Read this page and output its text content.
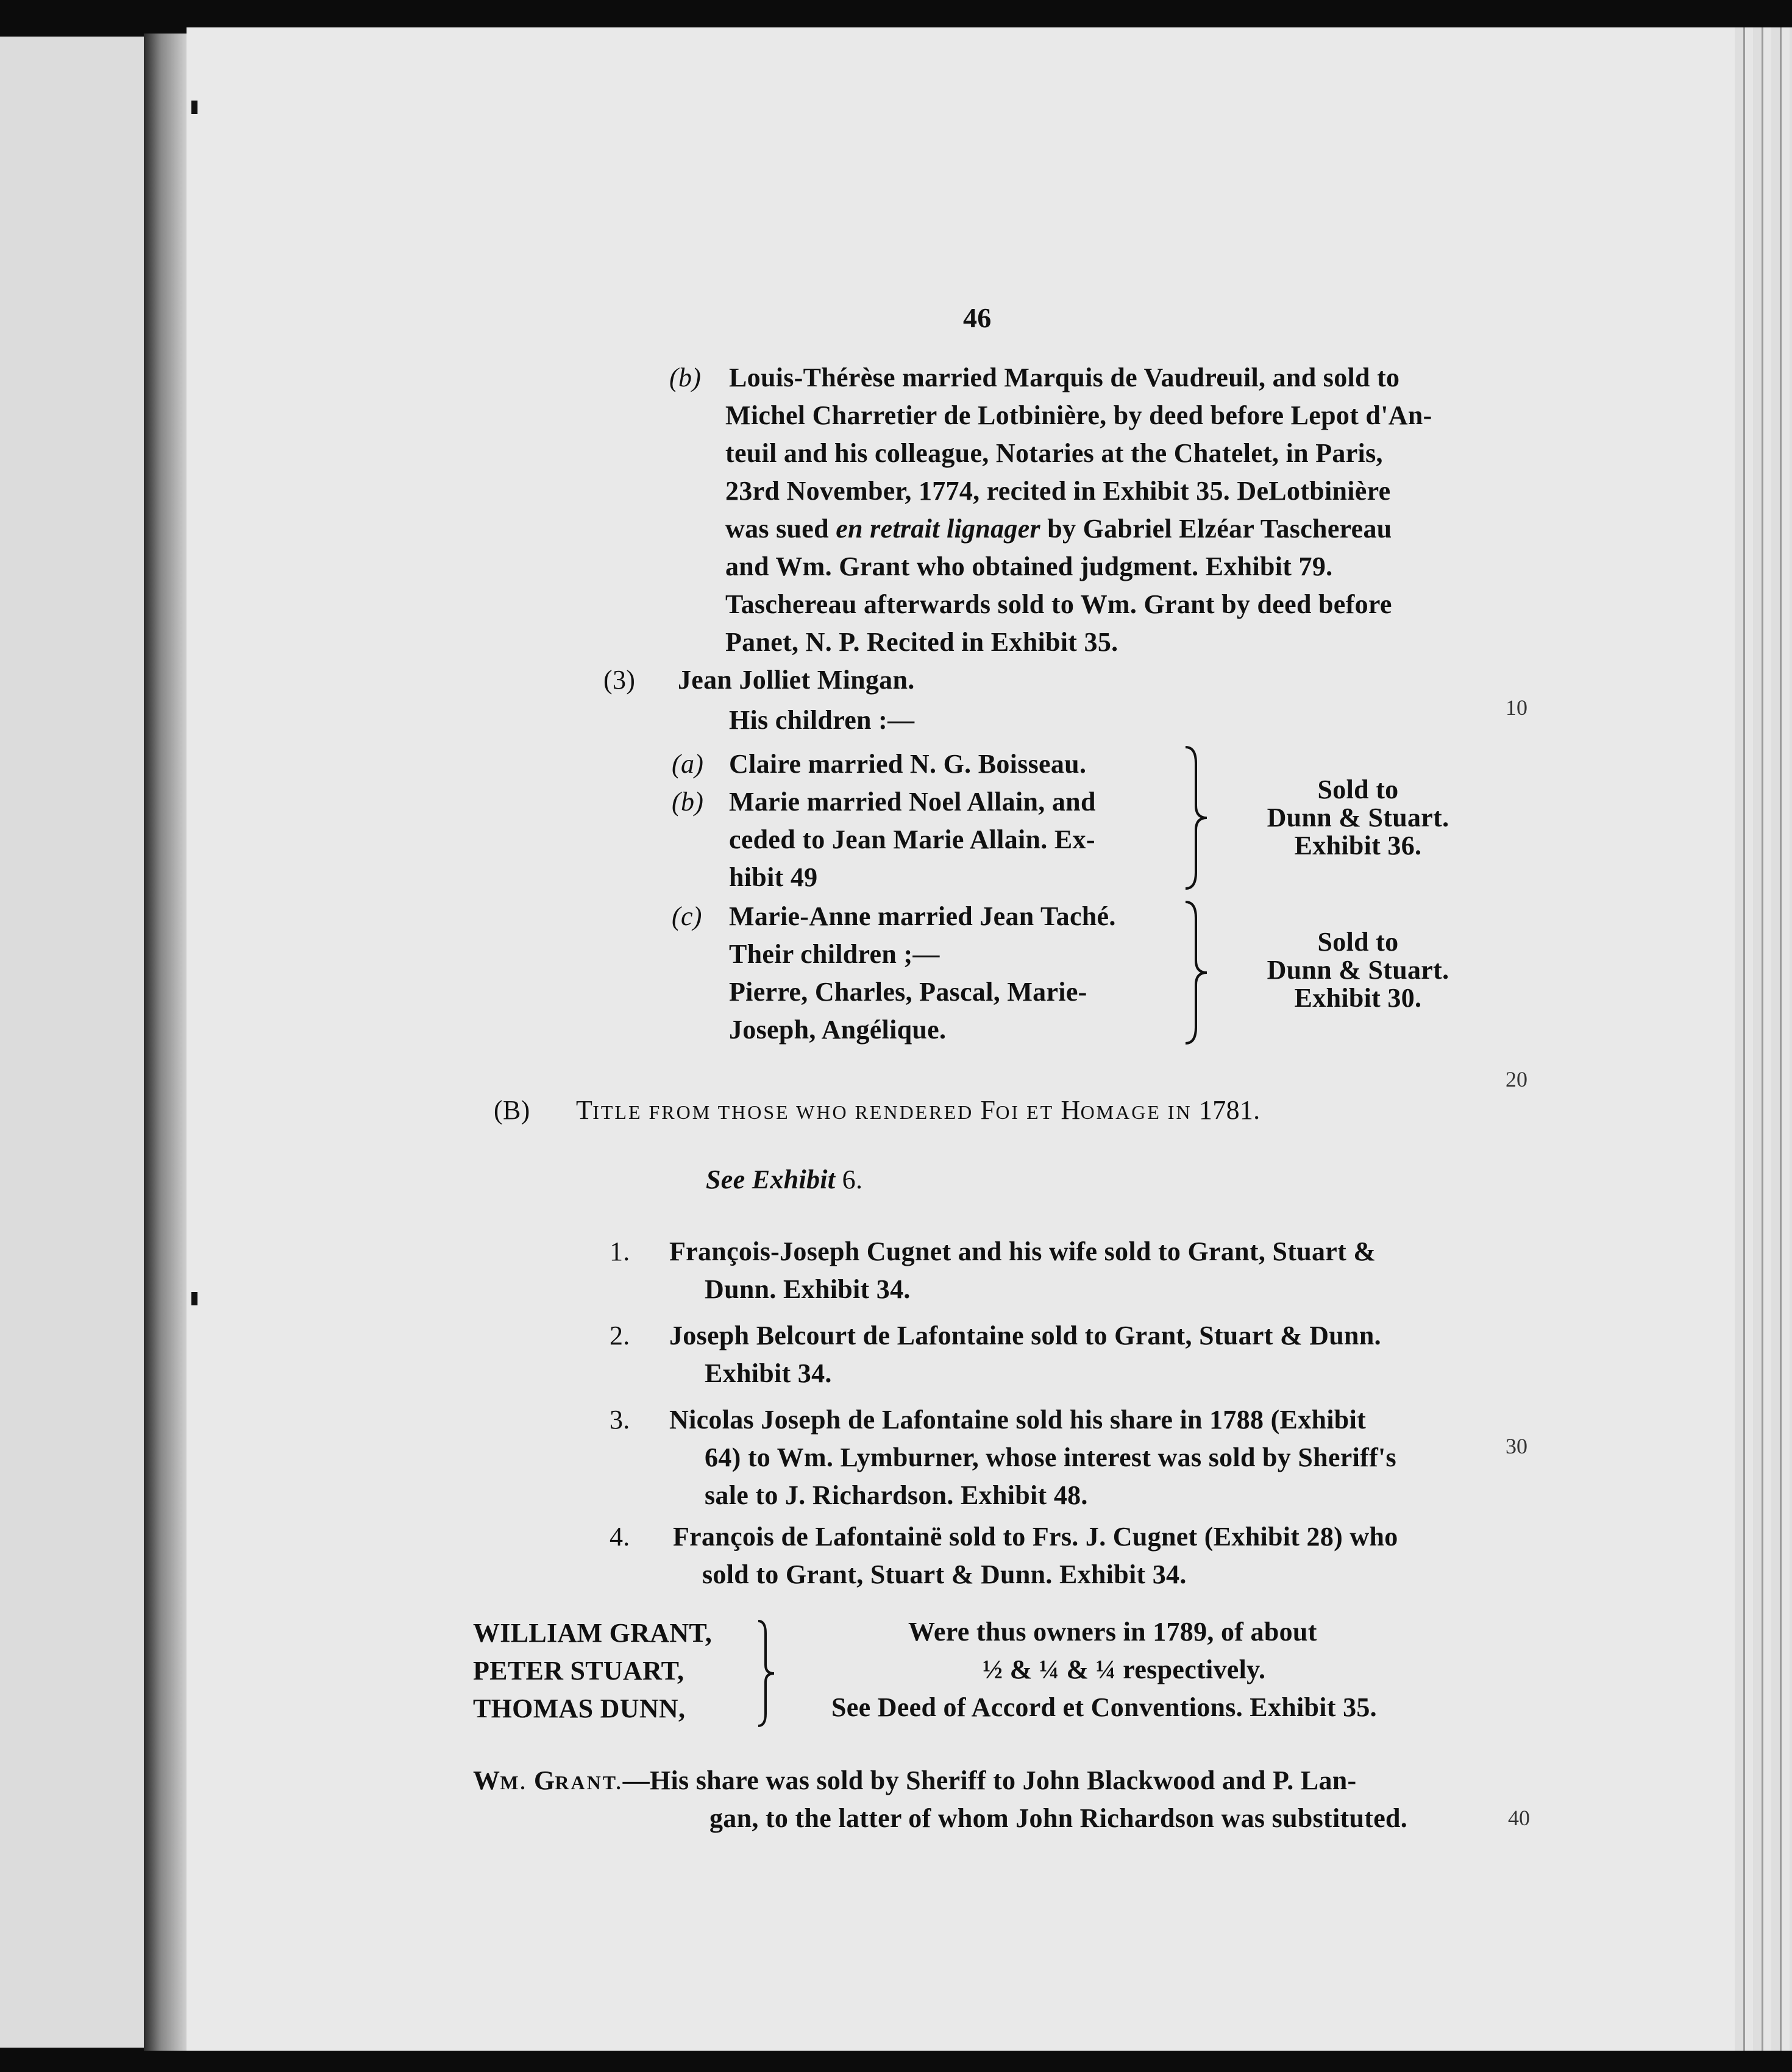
46
(b) Louis-Thérèse married Marquis de Vaudreuil, and sold to
Michel Charretier de Lotbinière, by deed before Lepot d'An-
teuil and his colleague, Notaries at the Chatelet, in Paris,
23rd November, 1774, recited in Exhibit 35. DeLotbinière
was sued en retrait lignager by Gabriel Elzéar Taschereau
and Wm. Grant who obtained judgment. Exhibit 79.
Taschereau afterwards sold to Wm. Grant by deed before
Panet, N. P. Recited in Exhibit 35.
(3) Jean Jolliet Mingan.
His children :—	10
(a) Claire married N. G. Boisseau.
(b) Marie married Noel Allain, and
ceded to Jean Marie Allain. Ex-
hibit 49
Sold to
Dunn & Stuart.
Exhibit 36.
(c) Marie-Anne married Jean Taché.
Their children ;—
Pierre, Charles, Pascal, Marie-
Joseph, Angélique.
Sold to
Dunn & Stuart.
Exhibit 30.
20
(B) TITLE FROM THOSE WHO RENDERED FOI ET HOMAGE IN 1781.
See Exhibit 6.
1. François-Joseph Cugnet and his wife sold to Grant, Stuart &
Dunn. Exhibit 34.
2. Joseph Belcourt de Lafontaine sold to Grant, Stuart & Dunn.
Exhibit 34.
3. Nicolas Joseph de Lafontaine sold his share in 1788 (Exhibit
64) to Wm. Lymburner, whose interest was sold by Sheriff's
sale to J. Richardson. Exhibit 48.
30
4. François de Lafontainë sold to Frs. J. Cugnet (Exhibit 28) who
sold to Grant, Stuart & Dunn. Exhibit 34.
WILLIAM GRANT,
PETER STUART,
THOMAS DUNN,
Were thus owners in 1789, of about
½ & ¼ & ¼ respectively.
See Deed of Accord et Conventions. Exhibit 35.
WM. GRANT.—His share was sold by Sheriff to John Blackwood and P. Lan-
gan, to the latter of whom John Richardson was substituted.	40
